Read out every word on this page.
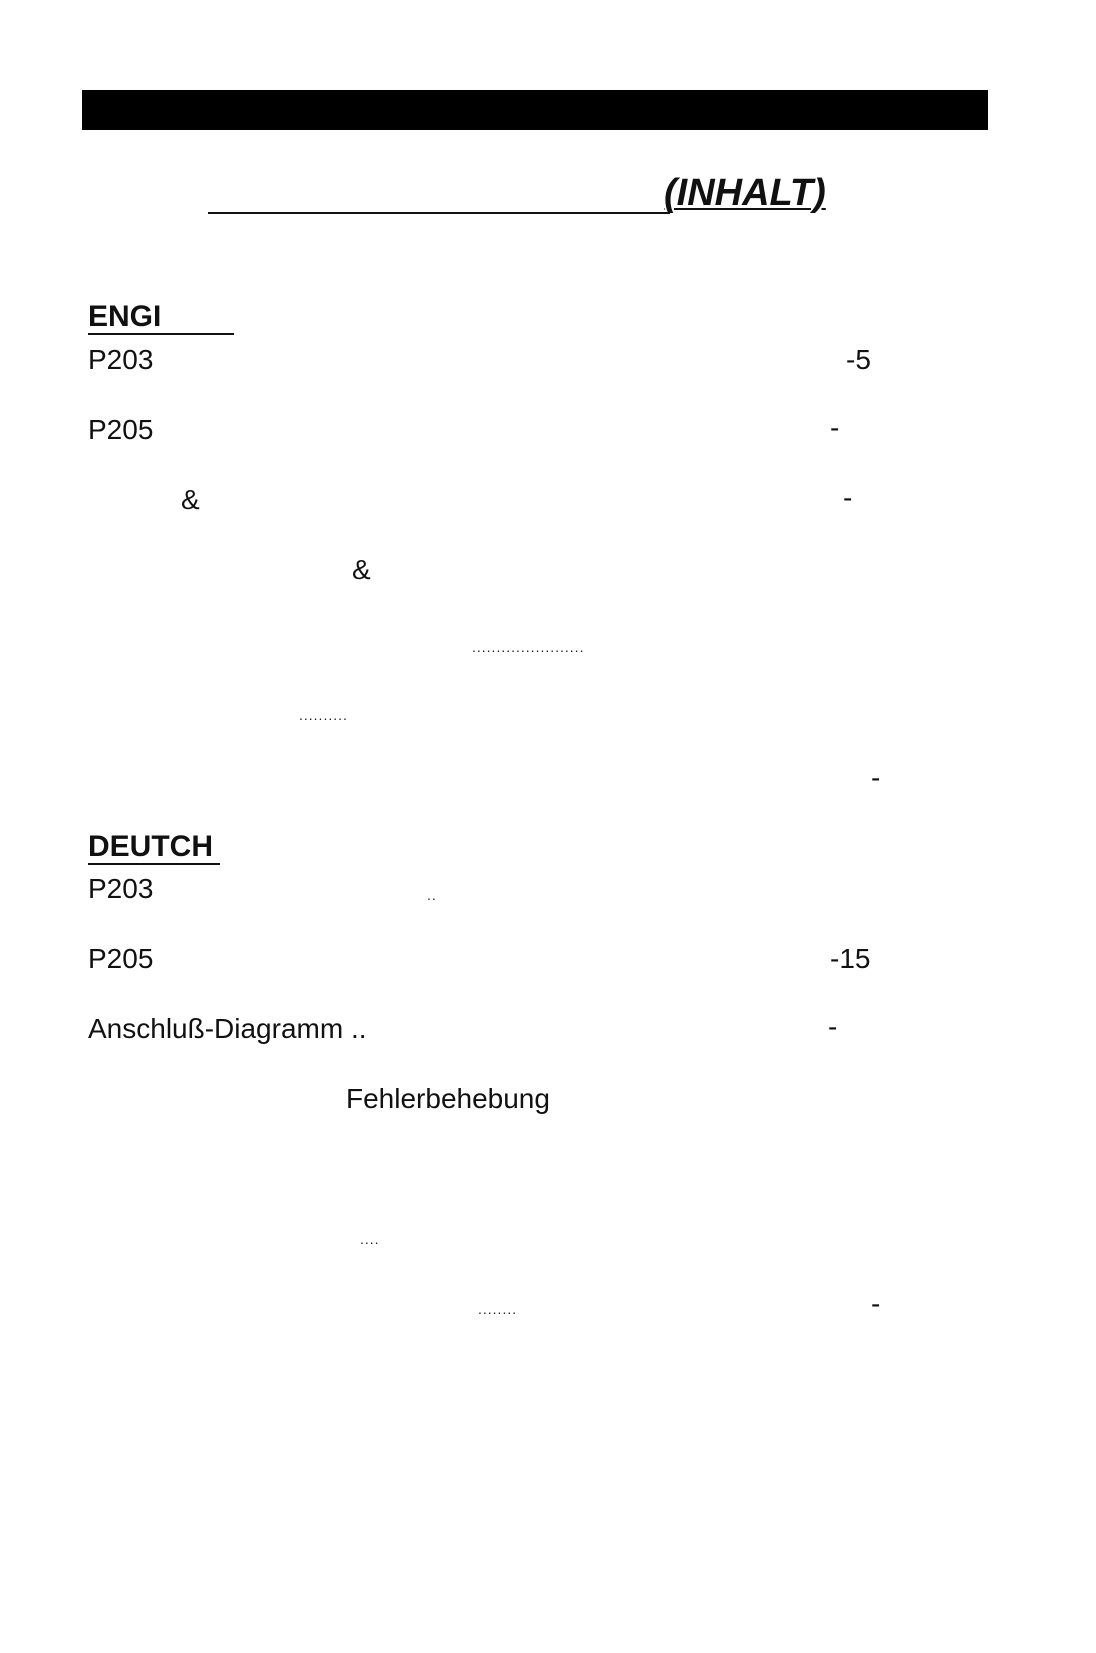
(INHALT)
ENGI
P203	-5
P205	-
&	-
&
.......................
..........
-
DEUTCH
P203	..
P205	-15
Anschluß-Diagramm ..	-
Fehlerbehebung
....
........	-
